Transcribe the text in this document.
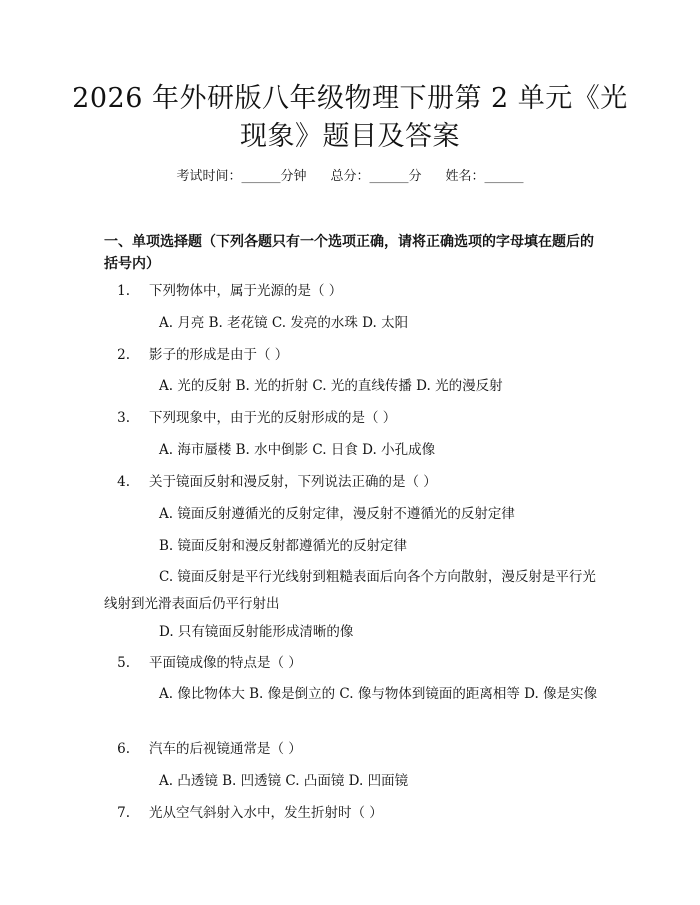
2026 年外研版八年级物理下册第 2 单元《光
现象》题目及答案
考试时间：______分钟 总分：______分 姓名：______
一、单项选择题（下列各题只有一个选项正确，请将正确选项的字母填在题后的括号内）
1. 下列物体中，属于光源的是（ ）
A. 月亮 B. 老花镜 C. 发亮的水珠 D. 太阳
2. 影子的形成是由于（ ）
A. 光的反射 B. 光的折射 C. 光的直线传播 D. 光的漫反射
3. 下列现象中，由于光的反射形成的是（ ）
A. 海市蜃楼 B. 水中倒影 C. 日食 D. 小孔成像
4. 关于镜面反射和漫反射，下列说法正确的是（ ）
A. 镜面反射遵循光的反射定律，漫反射不遵循光的反射定律
B. 镜面反射和漫反射都遵循光的反射定律
C. 镜面反射是平行光线射到粗糙表面后向各个方向散射，漫反射是平行光线射到光滑表面后仍平行射出
D. 只有镜面反射能形成清晰的像
5. 平面镜成像的特点是（ ）
A. 像比物体大 B. 像是倒立的 C. 像与物体到镜面的距离相等 D. 像是实像
6. 汽车的后视镜通常是（ ）
A. 凸透镜 B. 凹透镜 C. 凸面镜 D. 凹面镜
7. 光从空气斜射入水中，发生折射时（ ）
